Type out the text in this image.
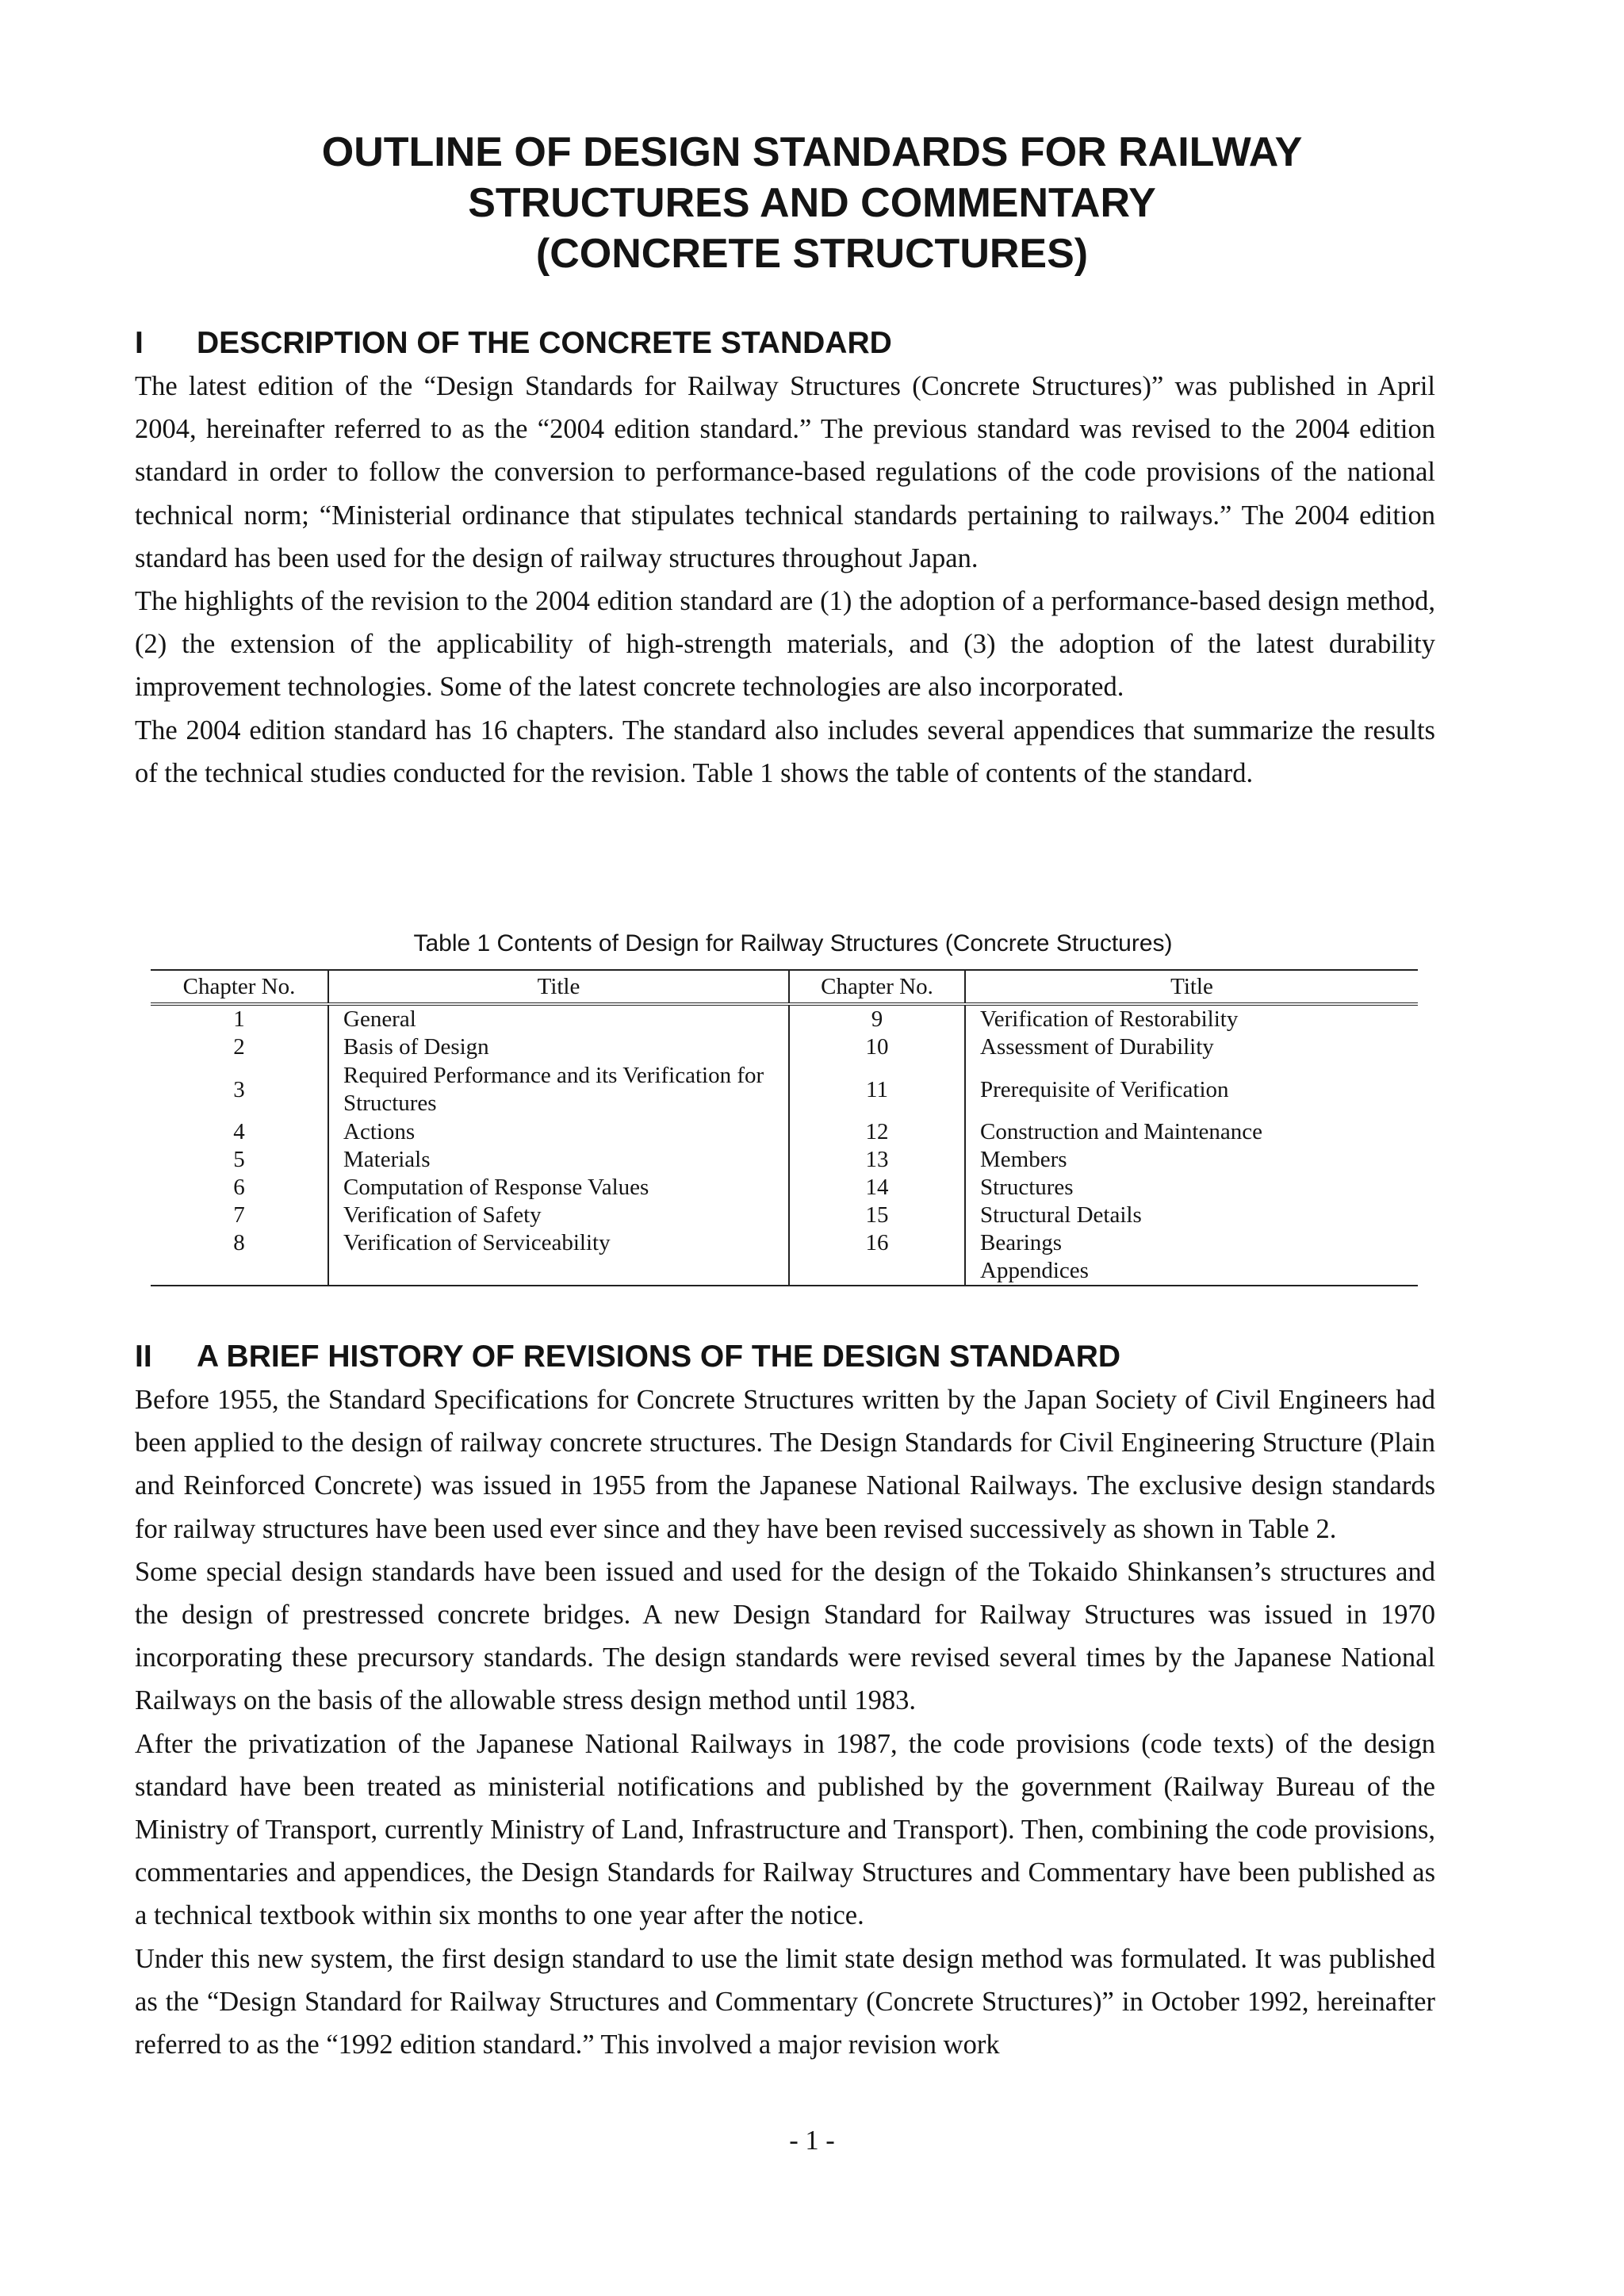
OUTLINE OF DESIGN STANDARDS FOR RAILWAY
STRUCTURES AND COMMENTARY
(CONCRETE STRUCTURES)
I DESCRIPTION OF THE CONCRETE STANDARD

The latest edition of the “Design Standards for Railway Structures (Concrete Structures)” was published in April 2004, hereinafter referred to as the “2004 edition standard.” The previous standard was revised to the 2004 edition standard in order to follow the conversion to performance-based regulations of the code provisions of the national technical norm; “Ministerial ordinance that stipulates technical standards pertaining to railways.” The 2004 edition standard has been used for the design of railway structures throughout Japan.

The highlights of the revision to the 2004 edition standard are (1) the adoption of a performance-based design method, (2) the extension of the applicability of high-strength materials, and (3) the adoption of the latest durability improvement technologies. Some of the latest concrete technologies are also incorporated.

The 2004 edition standard has 16 chapters. The standard also includes several appendices that summarize the results of the technical studies conducted for the revision. Table 1 shows the table of contents of the standard.

Table 1 Contents of Design for Railway Structures (Concrete Structures)
Chapter No.	Title	Chapter No.	Title
1	General	9	Verification of Restorability
2	Basis of Design	10	Assessment of Durability
3	Required Performance and its Verification for Structures	11	Prerequisite of Verification
4	Actions	12	Construction and Maintenance
5	Materials	13	Members
6	Computation of Response Values	14	Structures
7	Verification of Safety	15	Structural Details
8	Verification of Serviceability	16	Bearings
			Appendices
II A BRIEF HISTORY OF REVISIONS OF THE DESIGN STANDARD

Before 1955, the Standard Specifications for Concrete Structures written by the Japan Society of Civil Engineers had been applied to the design of railway concrete structures. The Design Standards for Civil Engineering Structure (Plain and Reinforced Concrete) was issued in 1955 from the Japanese National Railways. The exclusive design standards for railway structures have been used ever since and they have been revised successively as shown in Table 2.

Some special design standards have been issued and used for the design of the Tokaido Shinkansen’s structures and the design of prestressed concrete bridges. A new Design Standard for Railway Structures was issued in 1970 incorporating these precursory standards. The design standards were revised several times by the Japanese National Railways on the basis of the allowable stress design method until 1983.

After the privatization of the Japanese National Railways in 1987, the code provisions (code texts) of the design standard have been treated as ministerial notifications and published by the government (Railway Bureau of the Ministry of Transport, currently Ministry of Land, Infrastructure and Transport). Then, combining the code provisions, commentaries and appendices, the Design Standards for Railway Structures and Commentary have been published as a technical textbook within six months to one year after the notice.

Under this new system, the first design standard to use the limit state design method was formulated. It was published as the “Design Standard for Railway Structures and Commentary (Concrete Structures)” in October 1992, hereinafter referred to as the “1992 edition standard.” This involved a major revision work

- 1 -
